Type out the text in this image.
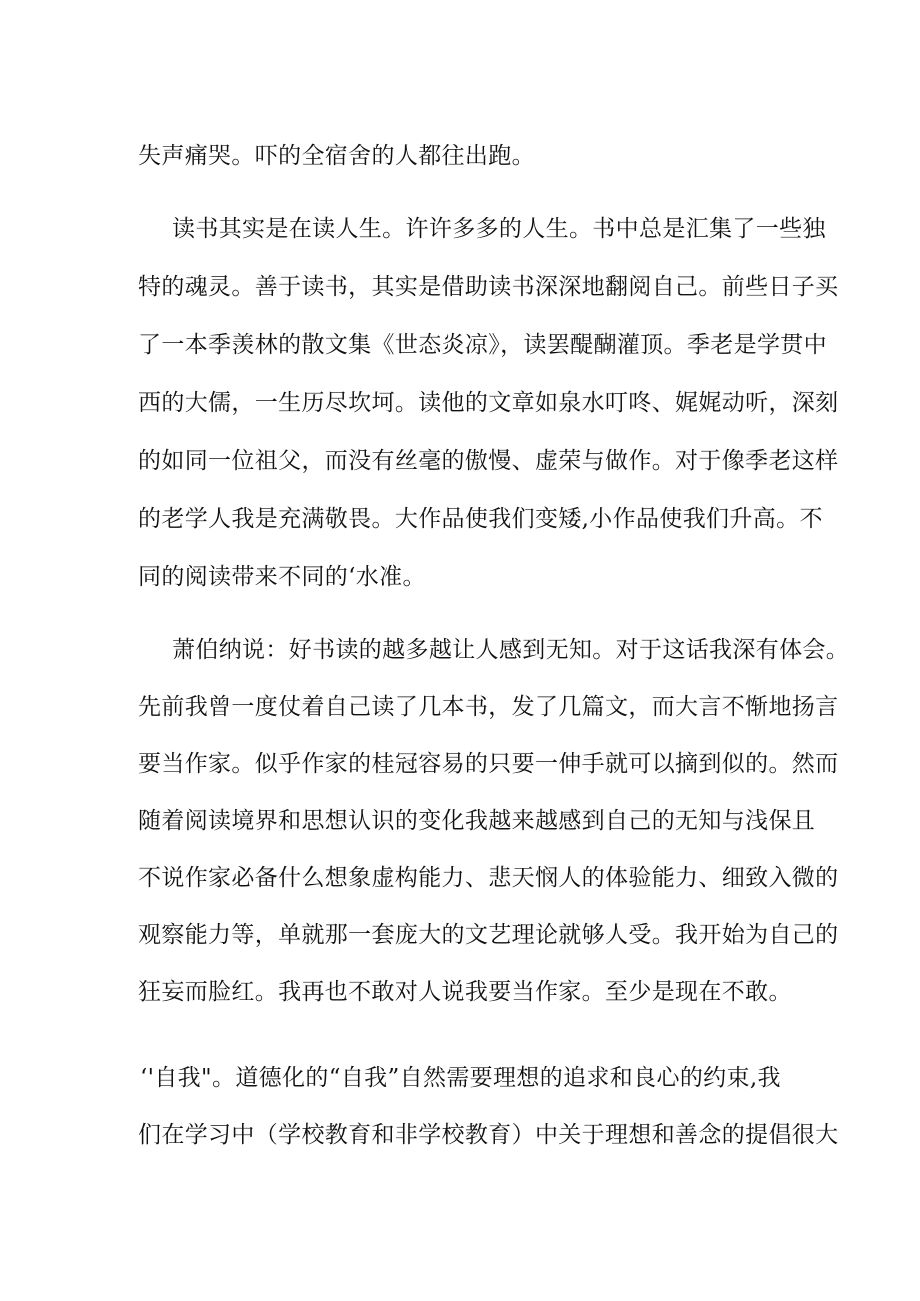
失声痛哭。吓的全宿舍的人都往出跑。
读书其实是在读人生。许许多多的人生。书中总是汇集了一些独
特的魂灵。善于读书，其实是借助读书深深地翻阅自己。前些日子买
了一本季羡林的散文集《世态炎凉》，读罢醍醐灌顶。季老是学贯中
西的大儒，一生历尽坎坷。读他的文章如泉水叮咚、娓娓动听，深刻
的如同一位祖父，而没有丝毫的傲慢、虚荣与做作。对于像季老这样
的老学人我是充满敬畏。大作品使我们变矮,小作品使我们升高。不
同的阅读带来不同的‘水准。
萧伯纳说：好书读的越多越让人感到无知。对于这话我深有体会。
先前我曾一度仗着自己读了几本书，发了几篇文，而大言不惭地扬言
要当作家。似乎作家的桂冠容易的只要一伸手就可以摘到似的。然而
随着阅读境界和思想认识的变化我越来越感到自己的无知与浅保且
不说作家必备什么想象虚构能力、悲天悯人的体验能力、细致入微的
观察能力等，单就那一套庞大的文艺理论就够人受。我开始为自己的
狂妄而脸红。我再也不敢对人说我要当作家。至少是现在不敢。
‘'自我"。道德化的“自我”自然需要理想的追求和良心的约束,我
们在学习中（学校教育和非学校教育）中关于理想和善念的提倡很大
